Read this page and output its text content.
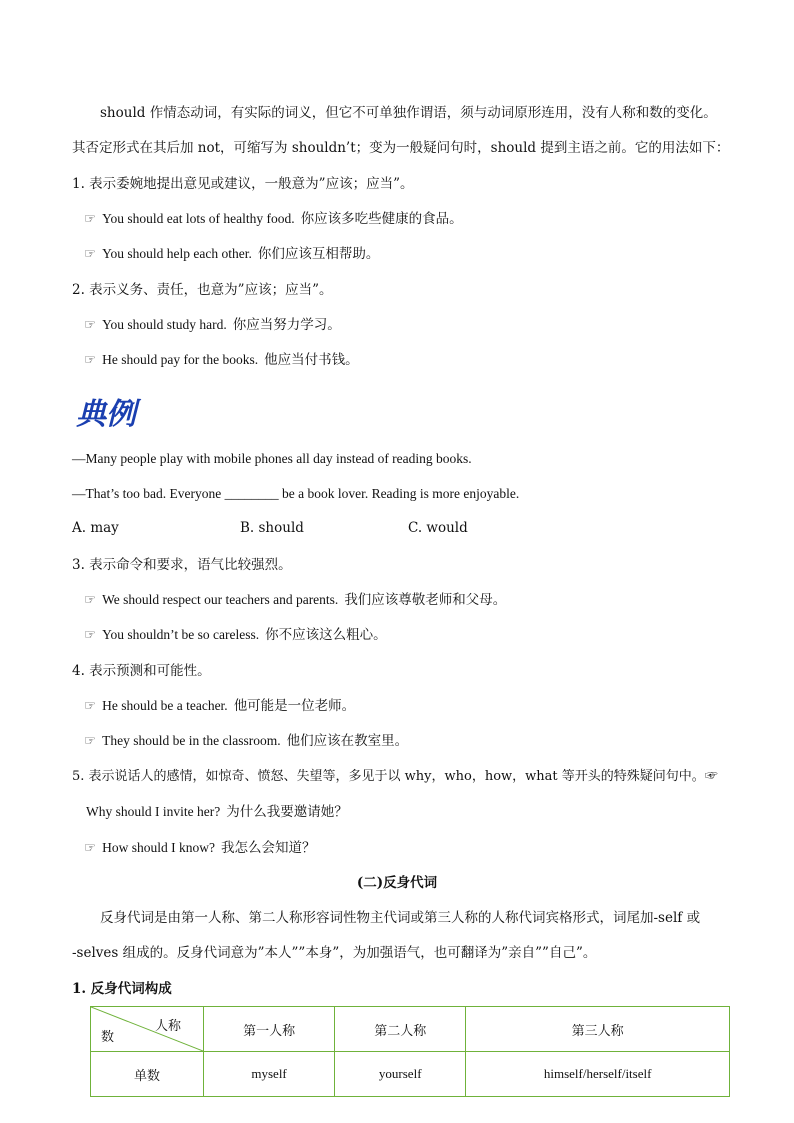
should 作情态动词，有实际的词义，但它不可单独作谓语，须与动词原形连用，没有人称和数的变化。
其否定形式在其后加 not，可缩写为 shouldn’t；变为一般疑问句时，should 提到主语之前。它的用法如下：
1. 表示委婉地提出意见或建议，一般意为”应该；应当”。
☞ You should eat lots of healthy food. 你应该多吃些健康的食品。
☞ You should help each other. 你们应该互相帮助。
2. 表示义务、责任，也意为”应该；应当”。
☞ You should study hard. 你应当努力学习。
☞ He should pay for the books. 他应当付书钱。
典例
—Many people play with mobile phones all day instead of reading books.
—That’s too bad. Everyone ________ be a book lover. Reading is more enjoyable.
A. may	B. should	C. would
3. 表示命令和要求，语气比较强烈。
☞ We should respect our teachers and parents. 我们应该尊敬老师和父母。
☞ You shouldn’t be so careless. 你不应该这么粗心。
4. 表示预测和可能性。
☞ He should be a teacher. 他可能是一位老师。
☞ They should be in the classroom. 他们应该在教室里。
5. 表示说话人的感情，如惊奇、愤怒、失望等，多见于以 why，who，how，what 等开头的特殊疑问句中。☞
Why should I invite her? 为什么我要邀请她？
☞ How should I know? 我怎么会知道？
(二)反身代词
反身代词是由第一人称、第二人称形容词性物主代词或第三人称的人称代词宾格形式，词尾加-self 或
-selves 组成的。反身代词意为”本人””本身”，为加强语气，也可翻译为”亲自””自己”。
1. 反身代词构成
人称
数	第一人称	第二人称	第三人称
单数	myself	yourself	himself/herself/itself
